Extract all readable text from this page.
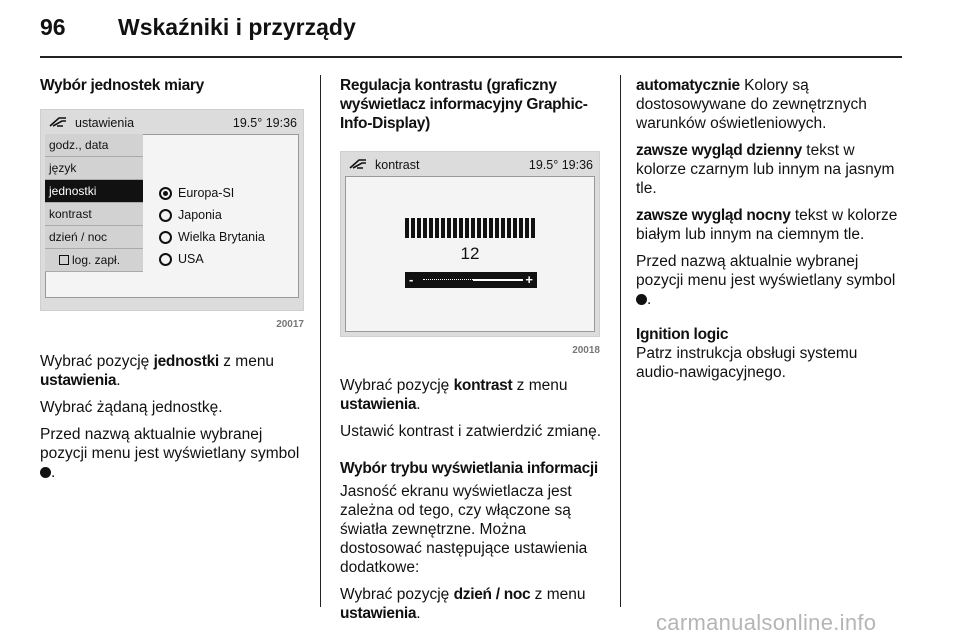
96 Wskaźniki i przyrządy
Wybór jednostek miary
ustawienia	19.5° 19:36
godz., data
język
jednostki
kontrast
dzień / noc
log. zapł.
Europa-SI
Japonia
Wielka Brytania
USA
20017

Wybrać pozycję jednostki z menu ustawienia.

Wybrać żądaną jednostkę.

Przed nazwą aktualnie wybranej pozycji menu jest wyświetlany symbol .

Regulacja kontrastu (graficzny wyświetlacz informacyjny Graphic-Info-Display)
kontrast	19.5° 19:36
12
-	+
20018

Wybrać pozycję kontrast z menu ustawienia.

Ustawić kontrast i zatwierdzić zmianę.

Wybór trybu wyświetlania informacji

Jasność ekranu wyświetlacza jest zależna od tego, czy włączone są światła zewnętrzne. Można dostosować następujące ustawienia dodatkowe:

Wybrać pozycję dzień / noc z menu ustawienia.

automatycznie Kolory są dostosowywane do zewnętrznych warunków oświetleniowych.

zawsze wygląd dzienny tekst w kolorze czarnym lub innym na jasnym tle.

zawsze wygląd nocny tekst w kolorze białym lub innym na ciemnym tle.

Przed nazwą aktualnie wybranej pozycji menu jest wyświetlany symbol .

Ignition logic

Patrz instrukcja obsługi systemu audio-nawigacyjnego.

carmanualsonline.info
